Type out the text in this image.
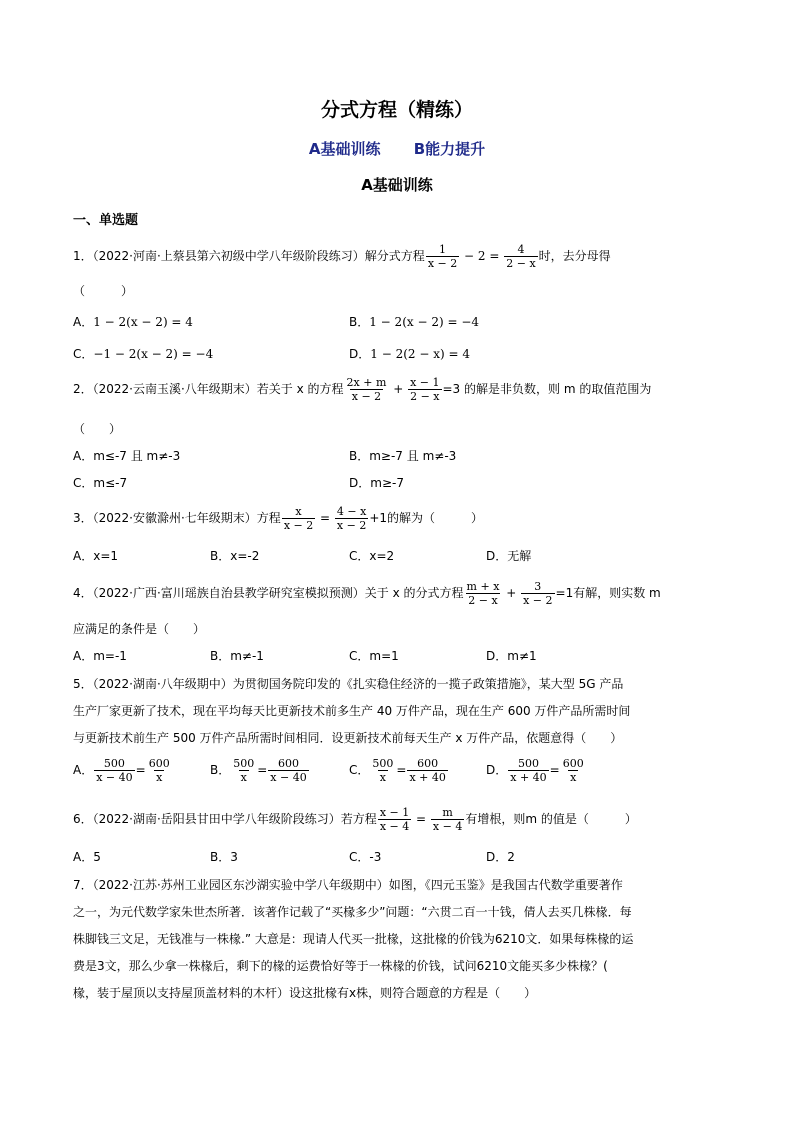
分式方程（精练）
A基础训练 B能力提升
A基础训练
一、单选题
1．（2022·河南·上蔡县第六初级中学八年级阶段练习）解分式方程 $\frac{1}{x - 2} - 2 = \frac{4}{2 - x}$ 时，去分母得
（　　　）
A．1 − 2(x − 2) = 4	B．1 − 2(x − 2) = −4
C．−1 − 2(x − 2) = −4	D．1 − 2(2 − x) = 4
2．（2022·云南玉溪·八年级期末）若关于 x 的方程 $\frac{2x + m}{x - 2} + \frac{x - 1}{2 - x} =3$ 的解是非负数，则 m 的取值范围为
（　　）
A．m≤-7 且 m≠-3	B．m≥-7 且 m≠-3
C．m≤-7	D．m≥-7
3．（2022·安徽滁州·七年级期末）方程 $\frac{x}{x - 2} = \frac{4 - x}{x - 2} +1$的解为（　　　）
A．x=1	B．x=-2	C．x=2	D．无解
4．（2022·广西·富川瑶族自治县教学研究室模拟预测）关于 x 的分式方程 $\frac{m + x}{2 - x} + \frac{3}{x - 2} =1$有解，则实数 m
应满足的条件是（　　）
A．m=-1	B．m≠-1	C．m=1	D．m≠1
5．（2022·湖南·八年级期中）为贯彻国务院印发的《扎实稳住经济的一揽子政策措施》，某大型 5G 产品
生产厂家更新了技术，现在平均每天比更新技术前多生产 40 万件产品，现在生产 600 万件产品所需时间
与更新技术前生产 500 万件产品所需时间相同．设更新技术前每天生产 x 万件产品，依题意得（　　）
A． $\frac{500}{x - 40} = \frac{600}{x}$	B． $\frac{500}{x} = \frac{600}{x - 40}$	C． $\frac{500}{x} = \frac{600}{x + 40}$	D． $\frac{500}{x + 40} = \frac{600}{x}$
6．（2022·湖南·岳阳县甘田中学八年级阶段练习）若方程 $\frac{x - 1}{x - 4} = \frac{m}{x - 4}$ 有增根，则m 的值是（　　　）
A．5	B．3	C．-3	D．2
7．（2022·江苏·苏州工业园区东沙湖实验中学八年级期中）如图，《四元玉鉴》是我国古代数学重要著作
之一，为元代数学家朱世杰所著．该著作记载了“买椽多少”问题：“六贯二百一十钱，倩人去买几株椽．每
株脚钱三文足，无钱准与一株椽.” 大意是：现请人代买一批椽，这批椽的价钱为6210文．如果每株椽的运
费是3文，那么少拿一株椽后，剩下的椽的运费恰好等于一株椽的价钱，试问6210文能买多少株椽？(
椽，装于屋顶以支持屋顶盖材料的木杆）设这批椽有x株，则符合题意的方程是（　　）
